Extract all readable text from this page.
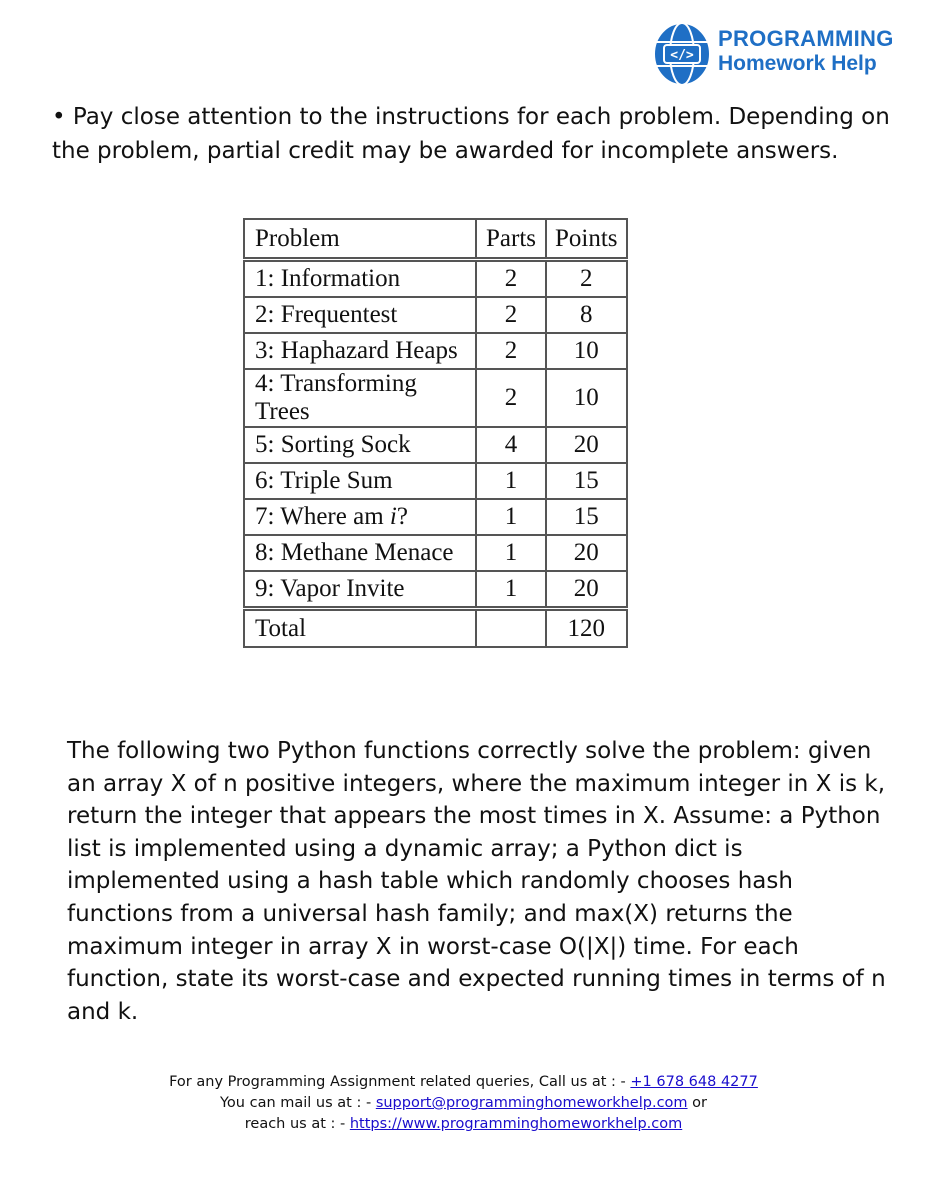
</>
PROGRAMMING
Homework Help
• Pay close attention to the instructions for each problem. Depending on the problem, partial credit may be awarded for incomplete answers.
Problem	Parts	Points
1: Information	2	2
2: Frequentest	2	8
3: Haphazard Heaps	2	10
4: Transforming Trees	2	10
5: Sorting Sock	4	20
6: Triple Sum	1	15
7: Where am i?	1	15
8: Methane Menace	1	20
9: Vapor Invite	1	20
Total		120
The following two Python functions correctly solve the problem: given an array X of n positive integers, where the maximum integer in X is k, return the integer that appears the most times in X. Assume: a Python list is implemented using a dynamic array; a Python dict is implemented using a hash table which randomly chooses hash functions from a universal hash family; and max(X) returns the maximum integer in array X in worst-case O(|X|) time. For each function, state its worst-case and expected running times in terms of n and k.
For any Programming Assignment related queries, Call us at : - +1 678 648 4277
You can mail us at : - support@programminghomeworkhelp.com or
reach us at : - https://www.programminghomeworkhelp.com
